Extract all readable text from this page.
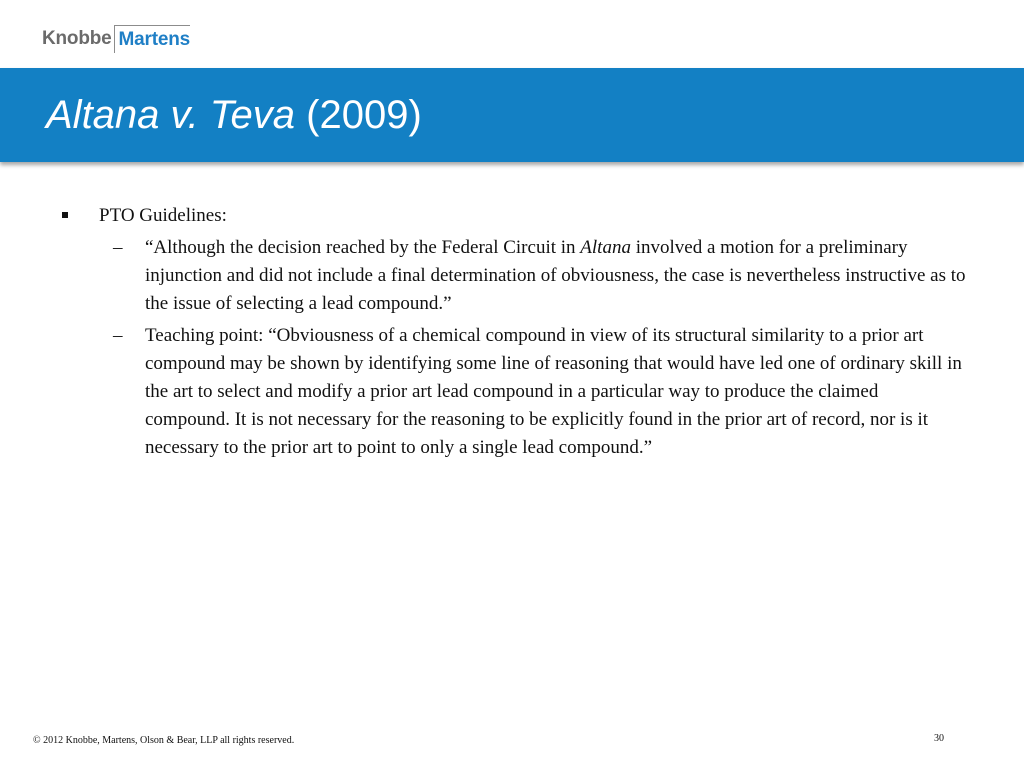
Knobbe Martens
Altana v. Teva (2009)

PTO Guidelines:

– “Although the decision reached by the Federal Circuit in Altana involved a motion for a preliminary injunction and did not include a final determination of obviousness, the case is nevertheless instructive as to the issue of selecting a lead compound.”

– Teaching point: “Obviousness of a chemical compound in view of its structural similarity to a prior art compound may be shown by identifying some line of reasoning that would have led one of ordinary skill in the art to select and modify a prior art lead compound in a particular way to produce the claimed compound. It is not necessary for the reasoning to be explicitly found in the prior art of record, nor is it necessary to the prior art to point to only a single lead compound.”

© 2012 Knobbe, Martens, Olson & Bear, LLP all rights reserved.	30
